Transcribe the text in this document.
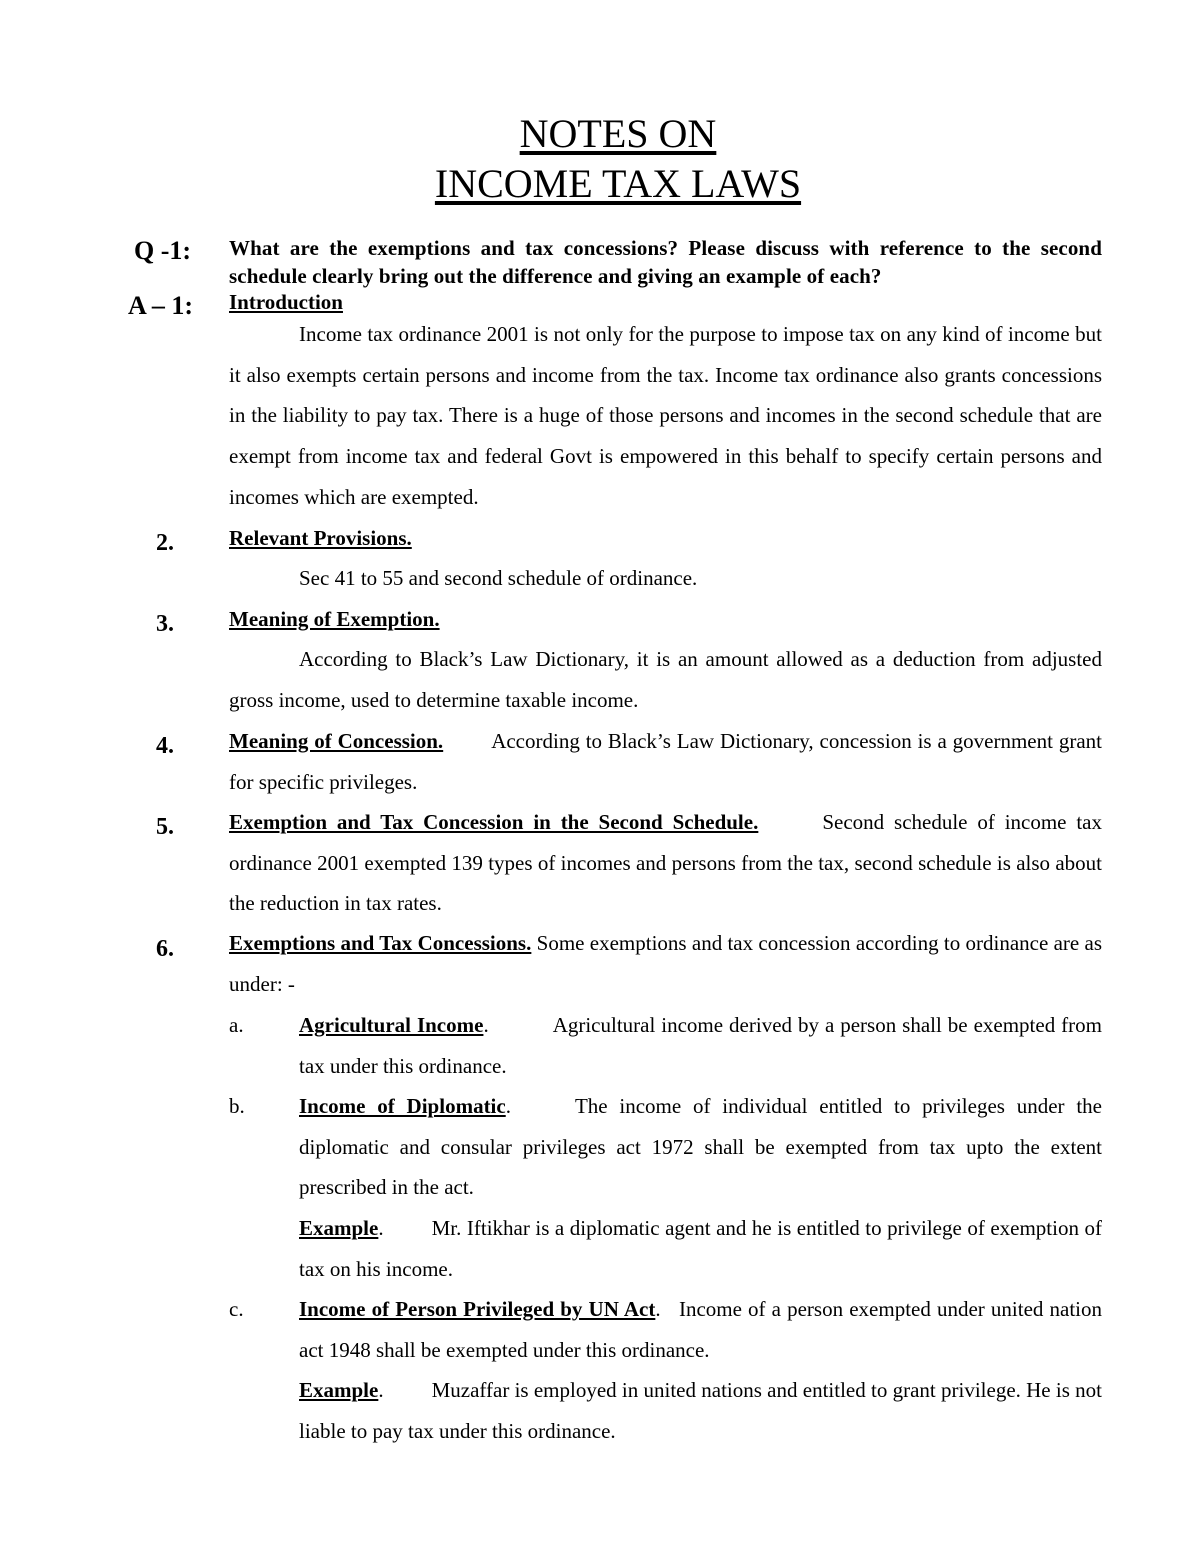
NOTES ON
INCOME TAX LAWS
Q -1: What are the exemptions and tax concessions? Please discuss with reference to the second schedule clearly bring out the difference and giving an example of each?
A – 1: Introduction
Income tax ordinance 2001 is not only for the purpose to impose tax on any kind of income but it also exempts certain persons and income from the tax. Income tax ordinance also grants concessions in the liability to pay tax. There is a huge of those persons and incomes in the second schedule that are exempt from income tax and federal Govt is empowered in this behalf to specify certain persons and incomes which are exempted.
2.	Relevant Provisions.
Sec 41 to 55 and second schedule of ordinance.
3.	Meaning of Exemption.
According to Black’s Law Dictionary, it is an amount allowed as a deduction from adjusted gross income, used to determine taxable income.
4.	Meaning of Concession. According to Black’s Law Dictionary, concession is a government grant for specific privileges.
5.	Exemption and Tax Concession in the Second Schedule.	Second schedule of income tax ordinance 2001 exempted 139 types of incomes and persons from the tax, second schedule is also about the reduction in tax rates.
6.	Exemptions and Tax Concessions. Some exemptions and tax concession according to ordinance are as under: -
a.	Agricultural Income.	Agricultural income derived by a person shall be exempted from tax under this ordinance.
b.	Income of Diplomatic.	The income of individual entitled to privileges under the diplomatic and consular privileges act 1972 shall be exempted from tax upto the extent prescribed in the act.
Example. Mr. Iftikhar is a diplomatic agent and he is entitled to privilege of exemption of tax on his income.
c.	Income of Person Privileged by UN Act. Income of a person exempted under united nation act 1948 shall be exempted under this ordinance.
Example. Muzaffar is employed in united nations and entitled to grant privilege. He is not liable to pay tax under this ordinance.
